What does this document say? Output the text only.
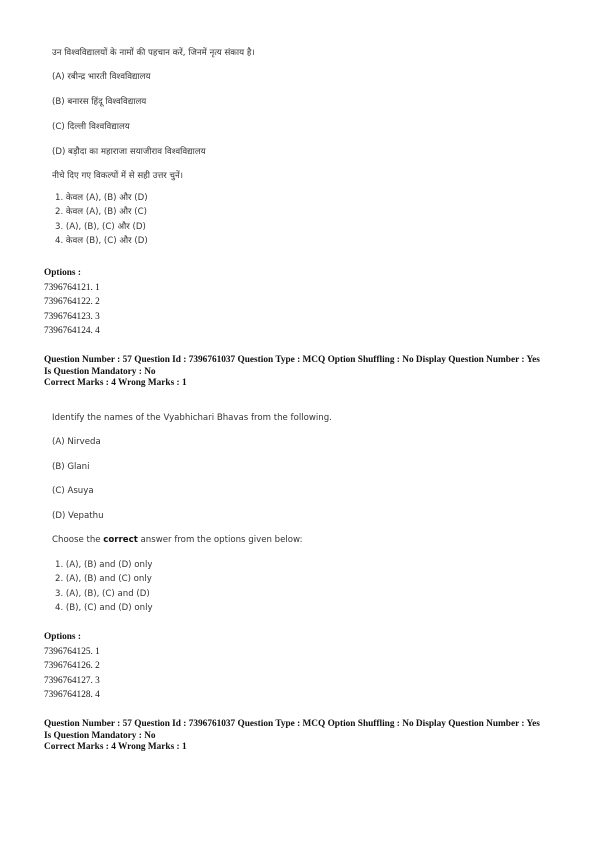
उन विश्वविद्यालयों के नामों की पहचान करें, जिनमें नृत्य संकाय है।
(A) रबीन्द्र भारती विश्वविद्यालय
(B) बनारस हिंदू विश्वविद्यालय
(C) दिल्ली विश्वविद्यालय
(D) बड़ौदा का महाराजा सयाजीराव विश्वविद्यालय
नीचे दिए गए विकल्पों में से सही उत्तर चुनें।
1. केवल (A), (B) और (D)
2. केवल (A), (B) और (C)
3. (A), (B), (C) और (D)
4. केवल (B), (C) और (D)
Options :
7396764121. 1
7396764122. 2
7396764123. 3
7396764124. 4
Question Number : 57 Question Id : 7396761037 Question Type : MCQ Option Shuffling : No Display Question Number : Yes
Is Question Mandatory : No
Correct Marks : 4 Wrong Marks : 1
Identify the names of the Vyabhichari Bhavas from the following.
(A) Nirveda
(B) Glani
(C) Asuya
(D) Vepathu
Choose the correct answer from the options given below:
1. (A), (B) and (D) only
2. (A), (B) and (C) only
3. (A), (B), (C) and (D)
4. (B), (C) and (D) only
Options :
7396764125. 1
7396764126. 2
7396764127. 3
7396764128. 4
Question Number : 57 Question Id : 7396761037 Question Type : MCQ Option Shuffling : No Display Question Number : Yes
Is Question Mandatory : No
Correct Marks : 4 Wrong Marks : 1
